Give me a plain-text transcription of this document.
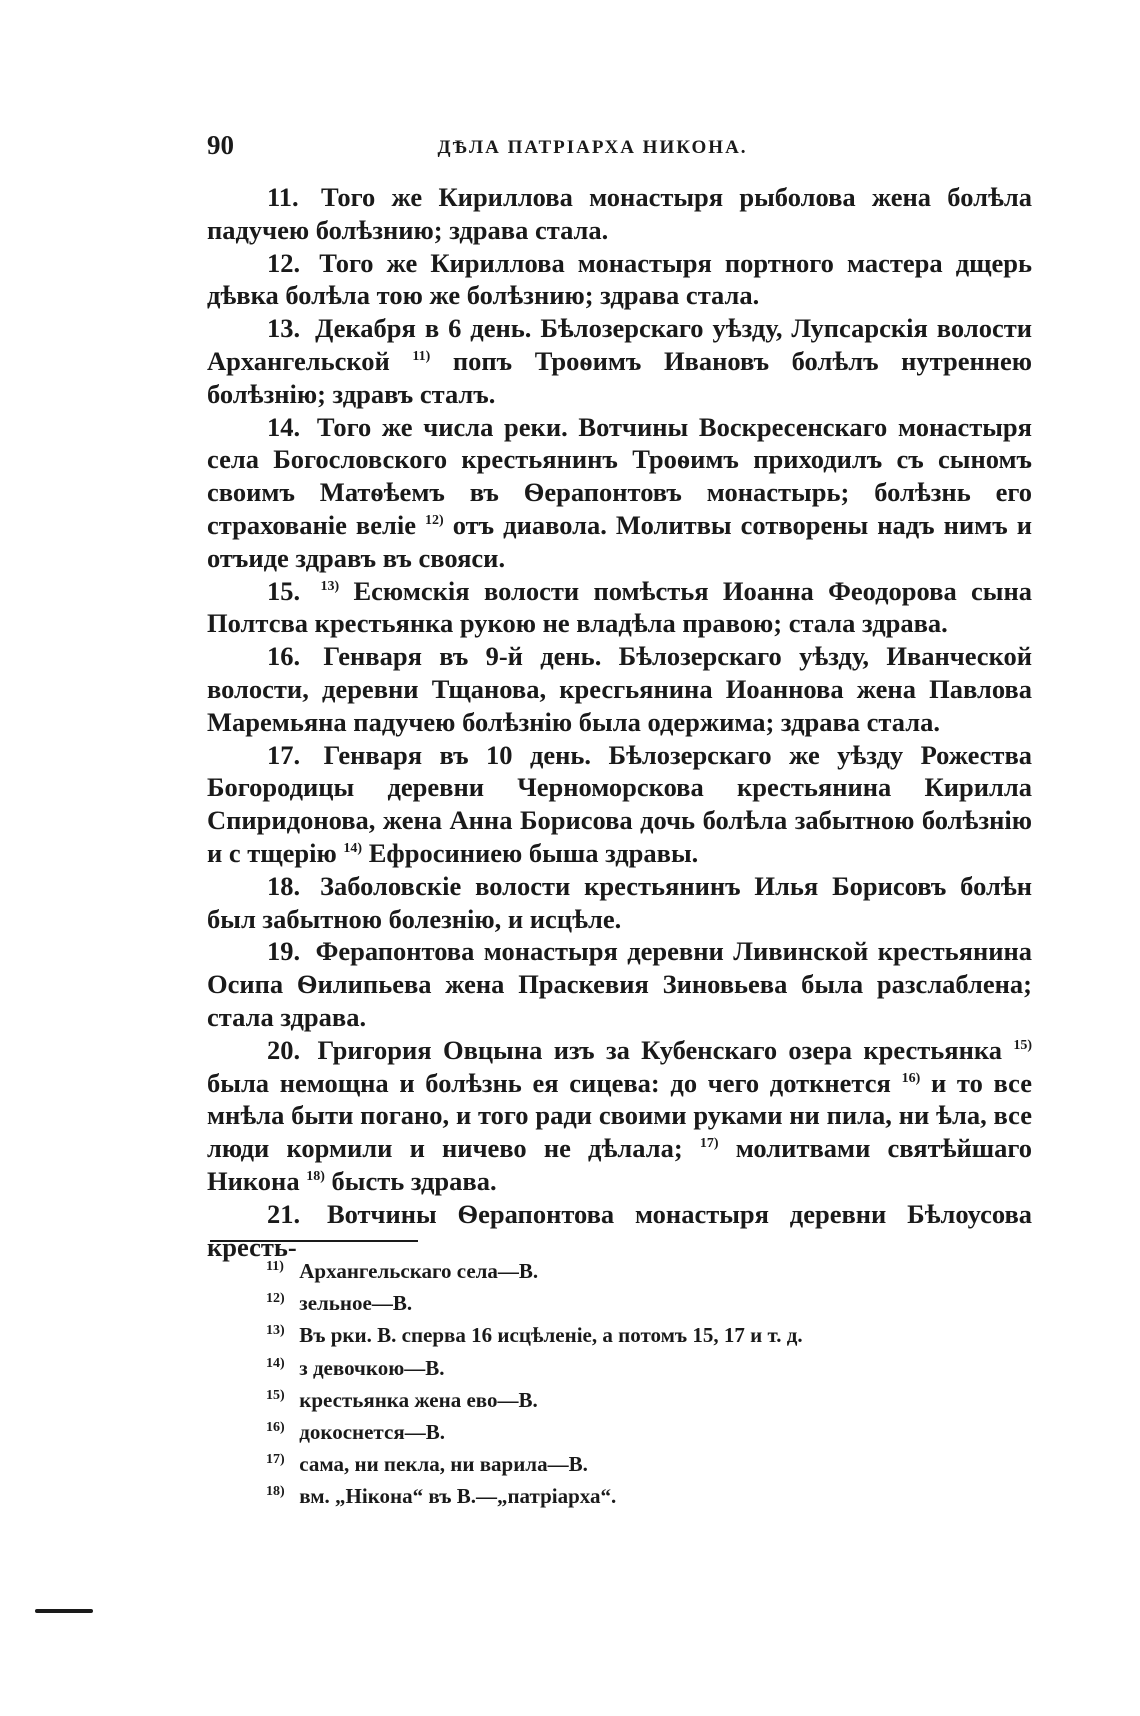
90	ДѢЛА ПАТРІАРХА НИКОНА.

11. Того же Кириллова монастыря рыболова жена болѣла падучею болѣзнию; здрава стала.

12. Того же Кириллова монастыря портного мастера дщерь дѣвка болѣла тою же болѣзнию; здрава стала.

13. Декабря в 6 день. Бѣлозерскаго уѣзду, Лупсарскія волости Архангельской $^{11)}$ попъ Троѳимъ Ивановъ болѣлъ нутреннею болѣзнію; здравъ сталъ.

14. Того же числа реки. Вотчины Воскресенскаго монастыря села Богословского крестьянинъ Троѳимъ приходилъ съ сыномъ своимъ Матѳѣемъ въ Ѳерапонтовъ монастырь; болѣзнь его страхованіе веліе $^{12)}$ отъ диавола. Молитвы сотворены надъ нимъ и отъиде здравъ въ свояси.

15. $^{13)}$ Есюмскія волости помѣстья Иоанна Феодорова сына Полтсва крестьянка рукою не владѣла правою; стала здрава.

16. Генваря въ 9-й день. Бѣлозерскаго уѣзду, Иванческой волости, деревни Тщанова, кресгьянина Иоаннова жена Павлова Маремьяна падучею болѣзнію была одержима; здрава стала.

17. Генваря въ 10 день. Бѣлозерскаго же уѣзду Рожества Богородицы деревни Черноморскова крестьянина Кирилла Спиридонова, жена Анна Борисова дочь болѣла забытною болѣзнію и с тщерію $^{14)}$ Ефросиниею быша здравы.

18. Заболовскіе волости крестьянинъ Илья Борисовъ болѣн был забытною болезнію, и исцѣле.

19. Ферапонтова монастыря деревни Ливинской крестьянина Осипа Ѳилипьева жена Праскевия Зиновьева была разслаблена; стала здрава.

20. Григория Овцына изъ за Кубенскаго озера крестьянка $^{15)}$ была немощна и болѣзнь ея сицева: до чего доткнется $^{16)}$ и то все мнѣла быти погано, и того ради своими руками ни пила, ни ѣла, все люди кормили и ничево не дѣлала; $^{17)}$ молитвами святѣйшаго Никона $^{18)}$ бысть здрава.

21. Вотчины Ѳерапонтова монастыря деревни Бѣлоусова кресть-

11) Архангельскаго села—В.

12) зельное—В.

13) Въ рки. В. сперва 16 исцѣленіе, а потомъ 15, 17 и т. д.

14) з девочкою—В.

15) крестьянка жена ево—В.

16) докоснется—В.

17) сама, ни пекла, ни варила—В.

18) вм. „Нікона“ въ В.—„патріарха“.
